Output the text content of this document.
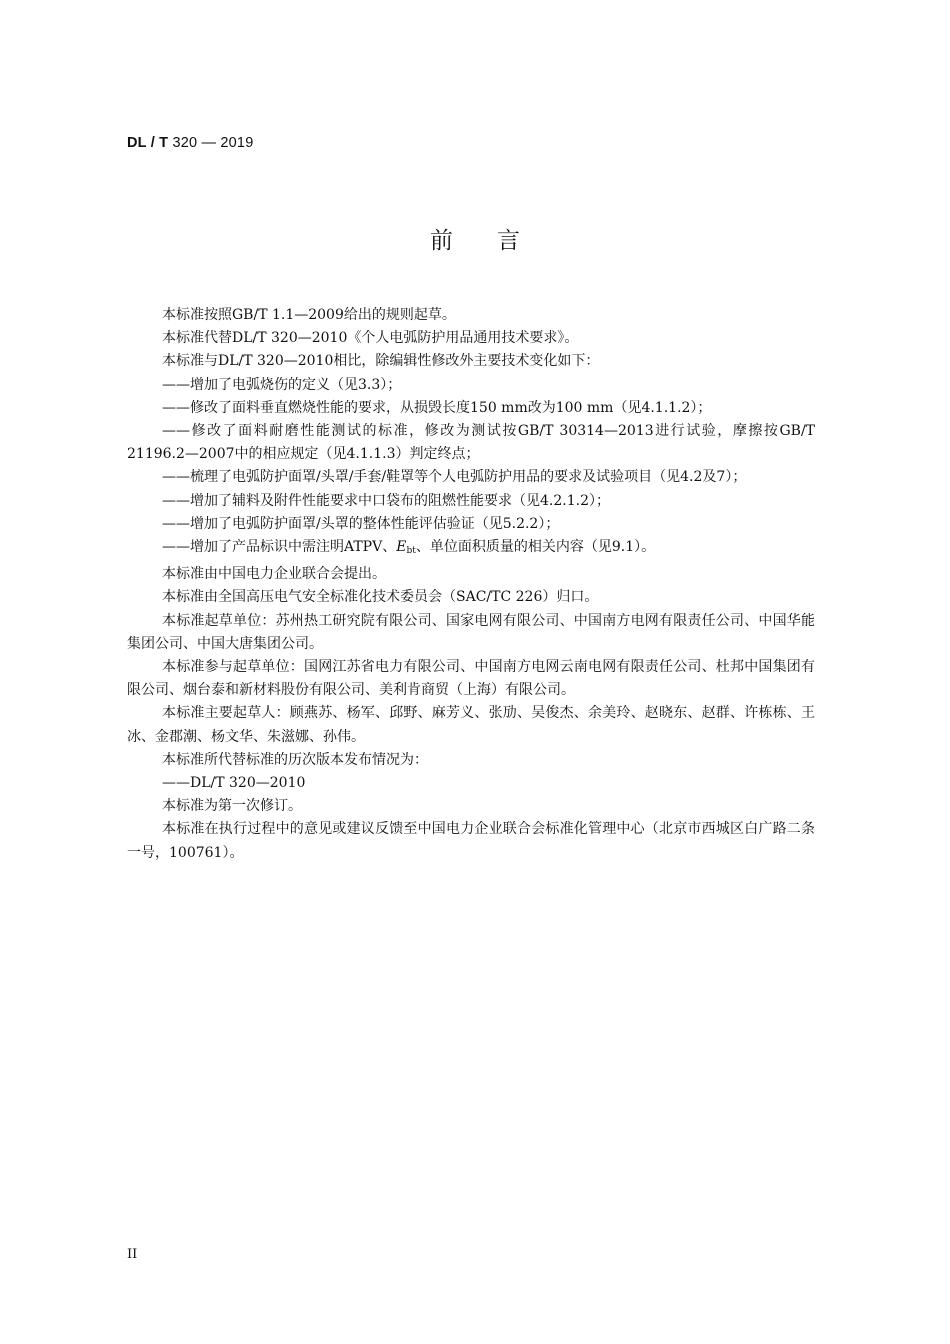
DL / T 320 — 2019
前言

本标准按照GB/T 1.1—2009给出的规则起草。

本标准代替DL/T 320—2010《个人电弧防护用品通用技术要求》。

本标准与DL/T 320—2010相比，除编辑性修改外主要技术变化如下：

——增加了电弧烧伤的定义（见3.3）；

——修改了面料垂直燃烧性能的要求，从损毁长度150 mm改为100 mm（见4.1.1.2）；

——修改了面料耐磨性能测试的标准，修改为测试按GB/T 30314—2013进行试验，摩擦按GB/T 21196.2—2007中的相应规定（见4.1.1.3）判定终点；

——梳理了电弧防护面罩/头罩/手套/鞋罩等个人电弧防护用品的要求及试验项目（见4.2及7）；

——增加了辅料及附件性能要求中口袋布的阻燃性能要求（见4.2.1.2）；

——增加了电弧防护面罩/头罩的整体性能评估验证（见5.2.2）；

——增加了产品标识中需注明ATPV、$E_{bt}$、单位面积质量的相关内容（见9.1）。

本标准由中国电力企业联合会提出。

本标准由全国高压电气安全标准化技术委员会（SAC/TC 226）归口。

本标准起草单位：苏州热工研究院有限公司、国家电网有限公司、中国南方电网有限责任公司、中国华能集团公司、中国大唐集团公司。

本标准参与起草单位：国网江苏省电力有限公司、中国南方电网云南电网有限责任公司、杜邦中国集团有限公司、烟台泰和新材料股份有限公司、美利肯商贸（上海）有限公司。

本标准主要起草人：顾燕苏、杨军、邱野、麻芳义、张劢、吴俊杰、余美玲、赵晓东、赵群、许栋栋、王冰、金郡潮、杨文华、朱滋娜、孙伟。

本标准所代替标准的历次版本发布情况为：

——DL/T 320—2010

本标准为第一次修订。

本标准在执行过程中的意见或建议反馈至中国电力企业联合会标准化管理中心（北京市西城区白广路二条一号，100761）。

II
